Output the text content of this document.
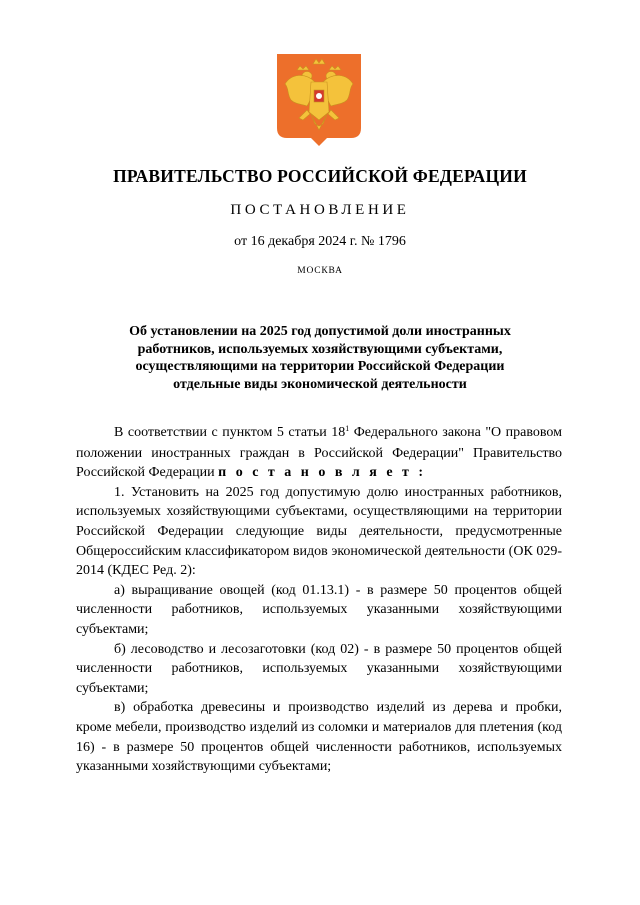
ПРАВИТЕЛЬСТВО РОССИЙСКОЙ ФЕДЕРАЦИИ
ПОСТАНОВЛЕНИЕ
от 16 декабря 2024 г. № 1796
МОСКВА
Об установлении на 2025 год допустимой доли иностранных
работников, используемых хозяйствующими субъектами,
осуществляющими на территории Российской Федерации
отдельные виды экономической деятельности

В соответствии с пунктом 5 статьи $18^1$ Федерального закона "О правовом положении иностранных граждан в Российской Федерации" Правительство Российской Федерации п о с т а н о в л я е т :

1. Установить на 2025 год допустимую долю иностранных работников, используемых хозяйствующими субъектами, осуществляющими на территории Российской Федерации следующие виды деятельности, предусмотренные Общероссийским классификатором видов экономической деятельности (ОК 029-2014 (КДЕС Ред. 2):

а) выращивание овощей (код 01.13.1) - в размере 50 процентов общей численности работников, используемых указанными хозяйствующими субъектами;

б) лесоводство и лесозаготовки (код 02) - в размере 50 процентов общей численности работников, используемых указанными хозяйствующими субъектами;

в) обработка древесины и производство изделий из дерева и пробки, кроме мебели, производство изделий из соломки и материалов для плетения (код 16) - в размере 50 процентов общей численности работников, используемых указанными хозяйствующими субъектами;
